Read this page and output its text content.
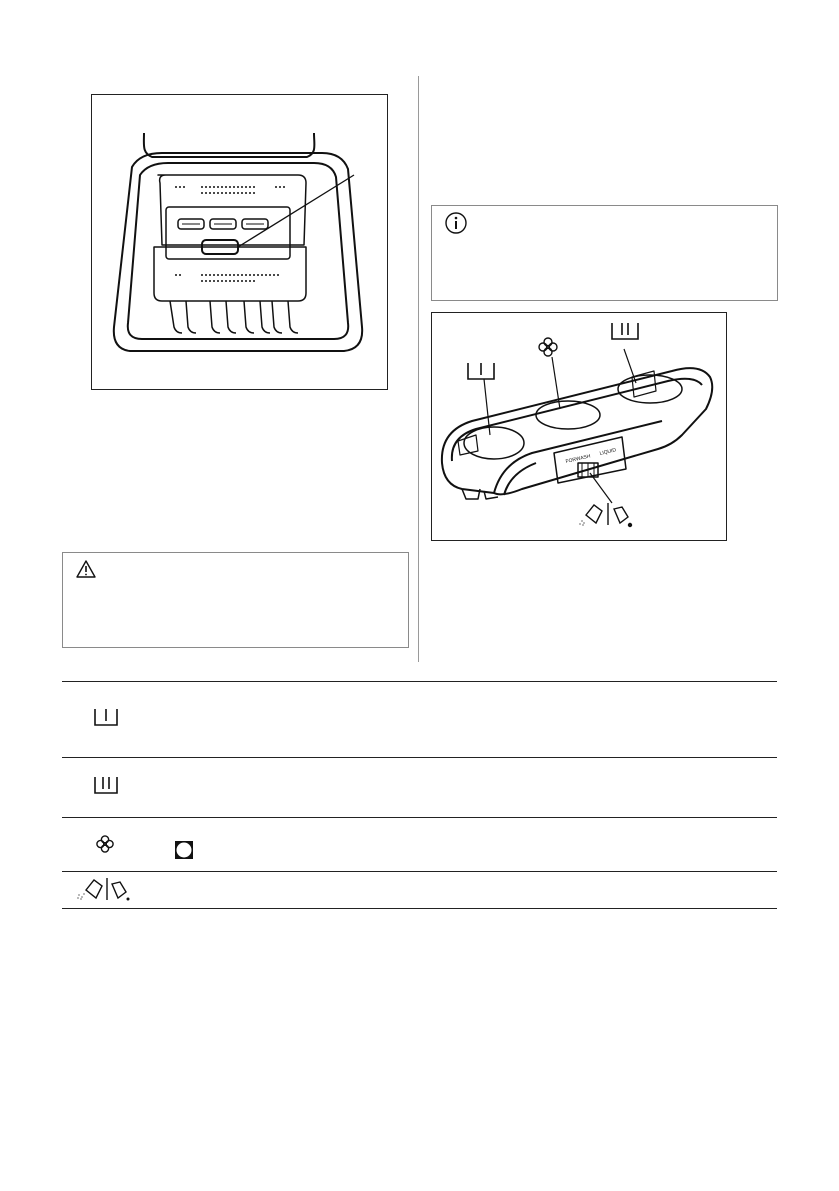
FORWASH
LIQUID
